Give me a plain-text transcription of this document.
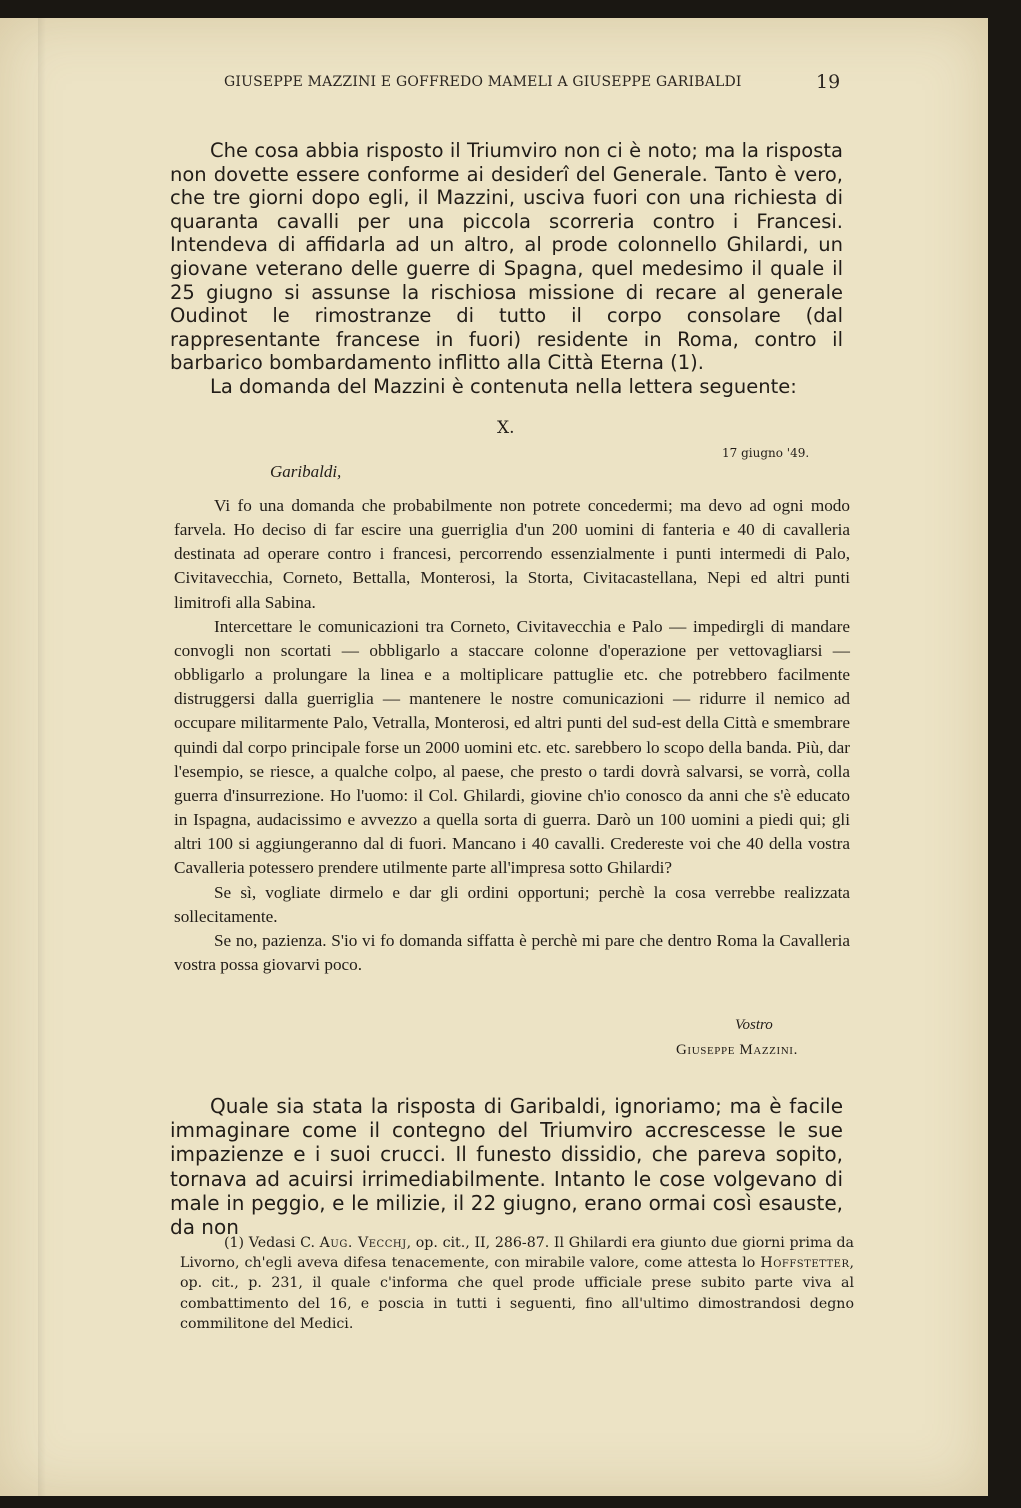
GIUSEPPE MAZZINI E GOFFREDO MAMELI A GIUSEPPE GARIBALDI	19

Che cosa abbia risposto il Triumviro non ci è noto; ma la risposta non dovette essere conforme ai desiderî del Generale. Tanto è vero, che tre giorni dopo egli, il Mazzini, usciva fuori con una richiesta di quaranta cavalli per una piccola scorreria contro i Francesi. Intendeva di affidarla ad un altro, al prode colonnello Ghilardi, un giovane veterano delle guerre di Spagna, quel medesimo il quale il 25 giugno si assunse la rischiosa missione di recare al generale Oudinot le rimostranze di tutto il corpo consolare (dal rappresentante francese in fuori) residente in Roma, contro il barbarico bombardamento inflitto alla Città Eterna (1).

La domanda del Mazzini è contenuta nella lettera seguente:

X.
17 giugno '49.
Garibaldi,

Vi fo una domanda che probabilmente non potrete concedermi; ma devo ad ogni modo farvela. Ho deciso di far escire una guerriglia d'un 200 uomini di fanteria e 40 di cavalleria destinata ad operare contro i francesi, percorrendo essenzialmente i punti intermedi di Palo, Civitavecchia, Corneto, Bettalla, Monterosi, la Storta, Civitacastellana, Nepi ed altri punti limitrofi alla Sabina.

Intercettare le comunicazioni tra Corneto, Civitavecchia e Palo — impedirgli di mandare convogli non scortati — obbligarlo a staccare colonne d'operazione per vettovagliarsi — obbligarlo a prolungare la linea e a moltiplicare pattuglie etc. che potrebbero facilmente distruggersi dalla guerriglia — mantenere le nostre comunicazioni — ridurre il nemico ad occupare militarmente Palo, Vetralla, Monterosi, ed altri punti del sud-est della Città e smembrare quindi dal corpo principale forse un 2000 uomini etc. etc. sarebbero lo scopo della banda. Più, dar l'esempio, se riesce, a qualche colpo, al paese, che presto o tardi dovrà salvarsi, se vorrà, colla guerra d'insurrezione. Ho l'uomo: il Col. Ghilardi, giovine ch'io conosco da anni che s'è educato in Ispagna, audacissimo e avvezzo a quella sorta di guerra. Darò un 100 uomini a piedi qui; gli altri 100 si aggiungeranno dal di fuori. Mancano i 40 cavalli. Credereste voi che 40 della vostra Cavalleria potessero prendere utilmente parte all'impresa sotto Ghilardi?

Se sì, vogliate dirmelo e dar gli ordini opportuni; perchè la cosa verrebbe realizzata sollecitamente.

Se no, pazienza. S'io vi fo domanda siffatta è perchè mi pare che dentro Roma la Cavalleria vostra possa giovarvi poco.

Vostro
Giuseppe Mazzini.

Quale sia stata la risposta di Garibaldi, ignoriamo; ma è facile immaginare come il contegno del Triumviro accrescesse le sue impazienze e i suoi crucci. Il funesto dissidio, che pareva sopito, tornava ad acuirsi irrimediabilmente. Intanto le cose volgevano di male in peggio, e le milizie, il 22 giugno, erano ormai così esauste, da non

(1) Vedasi C. Aug. Vecchj, op. cit., II, 286-87. Il Ghilardi era giunto due giorni prima da Livorno, ch'egli aveva difesa tenacemente, con mirabile valore, come attesta lo Hoffstetter, op. cit., p. 231, il quale c'informa che quel prode ufficiale prese subito parte viva al combattimento del 16, e poscia in tutti i seguenti, fino all'ultimo dimostrandosi degno commilitone del Medici.
